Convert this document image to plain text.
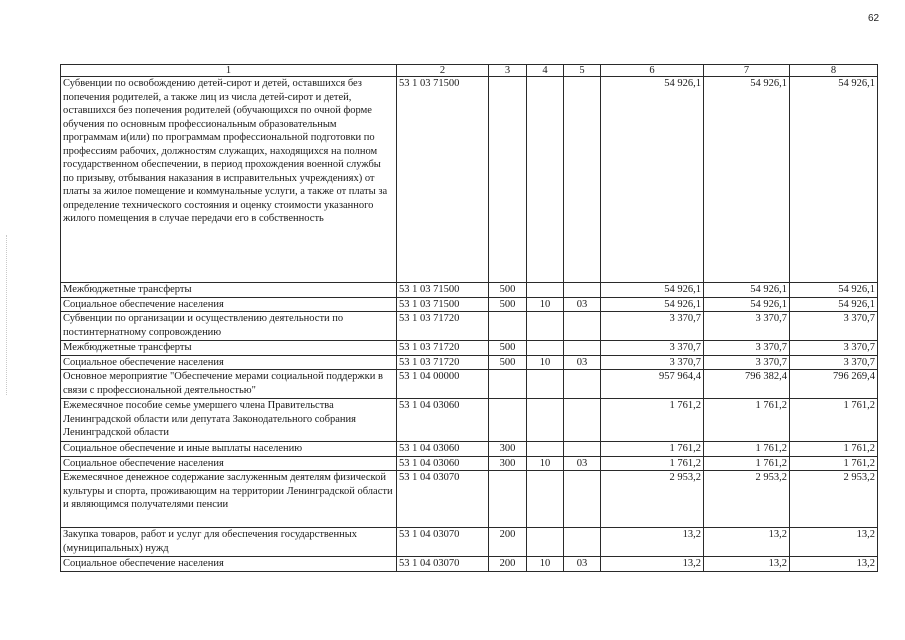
62
1	2	3	4	5	6	7	8
Субвенции по освобождению детей-сирот и детей, оставшихся без попечения родителей, а также лиц из числа детей-сирот и детей, оставшихся без попечения родителей (обучающихся по очной форме обучения по основным профессиональным образовательным программам и(или) по программам профессиональной подготовки по профессиям рабочих, должностям служащих, находящихся на полном государственном обеспечении, в период прохождения военной службы по призыву, отбывания наказания в исправительных учреждениях) от платы за жилое помещение и коммунальные услуги, а также от платы за определение технического состояния и оценку стоимости указанного жилого помещения в случае передачи его в собственность	53 1 03 71500				54 926,1	54 926,1	54 926,1
Межбюджетные трансферты	53 1 03 71500	500			54 926,1	54 926,1	54 926,1
Социальное обеспечение населения	53 1 03 71500	500	10	03	54 926,1	54 926,1	54 926,1
Субвенции по организации и осуществлению деятельности по постинтернатному сопровождению	53 1 03 71720				3 370,7	3 370,7	3 370,7
Межбюджетные трансферты	53 1 03 71720	500			3 370,7	3 370,7	3 370,7
Социальное обеспечение населения	53 1 03 71720	500	10	03	3 370,7	3 370,7	3 370,7
Основное мероприятие "Обеспечение мерами социальной поддержки в связи с профессиональной деятельностью"	53 1 04 00000				957 964,4	796 382,4	796 269,4
Ежемесячное пособие семье умершего члена Правительства Ленинградской области или депутата Законодательного собрания Ленинградской области	53 1 04 03060				1 761,2	1 761,2	1 761,2
Социальное обеспечение и иные выплаты населению	53 1 04 03060	300			1 761,2	1 761,2	1 761,2
Социальное обеспечение населения	53 1 04 03060	300	10	03	1 761,2	1 761,2	1 761,2
Ежемесячное денежное содержание заслуженным деятелям физической культуры и спорта, проживающим на территории Ленинградской области и являющимся получателями пенсии	53 1 04 03070				2 953,2	2 953,2	2 953,2
Закупка товаров, работ и услуг для обеспечения государственных (муниципальных) нужд	53 1 04 03070	200			13,2	13,2	13,2
Социальное обеспечение населения	53 1 04 03070	200	10	03	13,2	13,2	13,2
